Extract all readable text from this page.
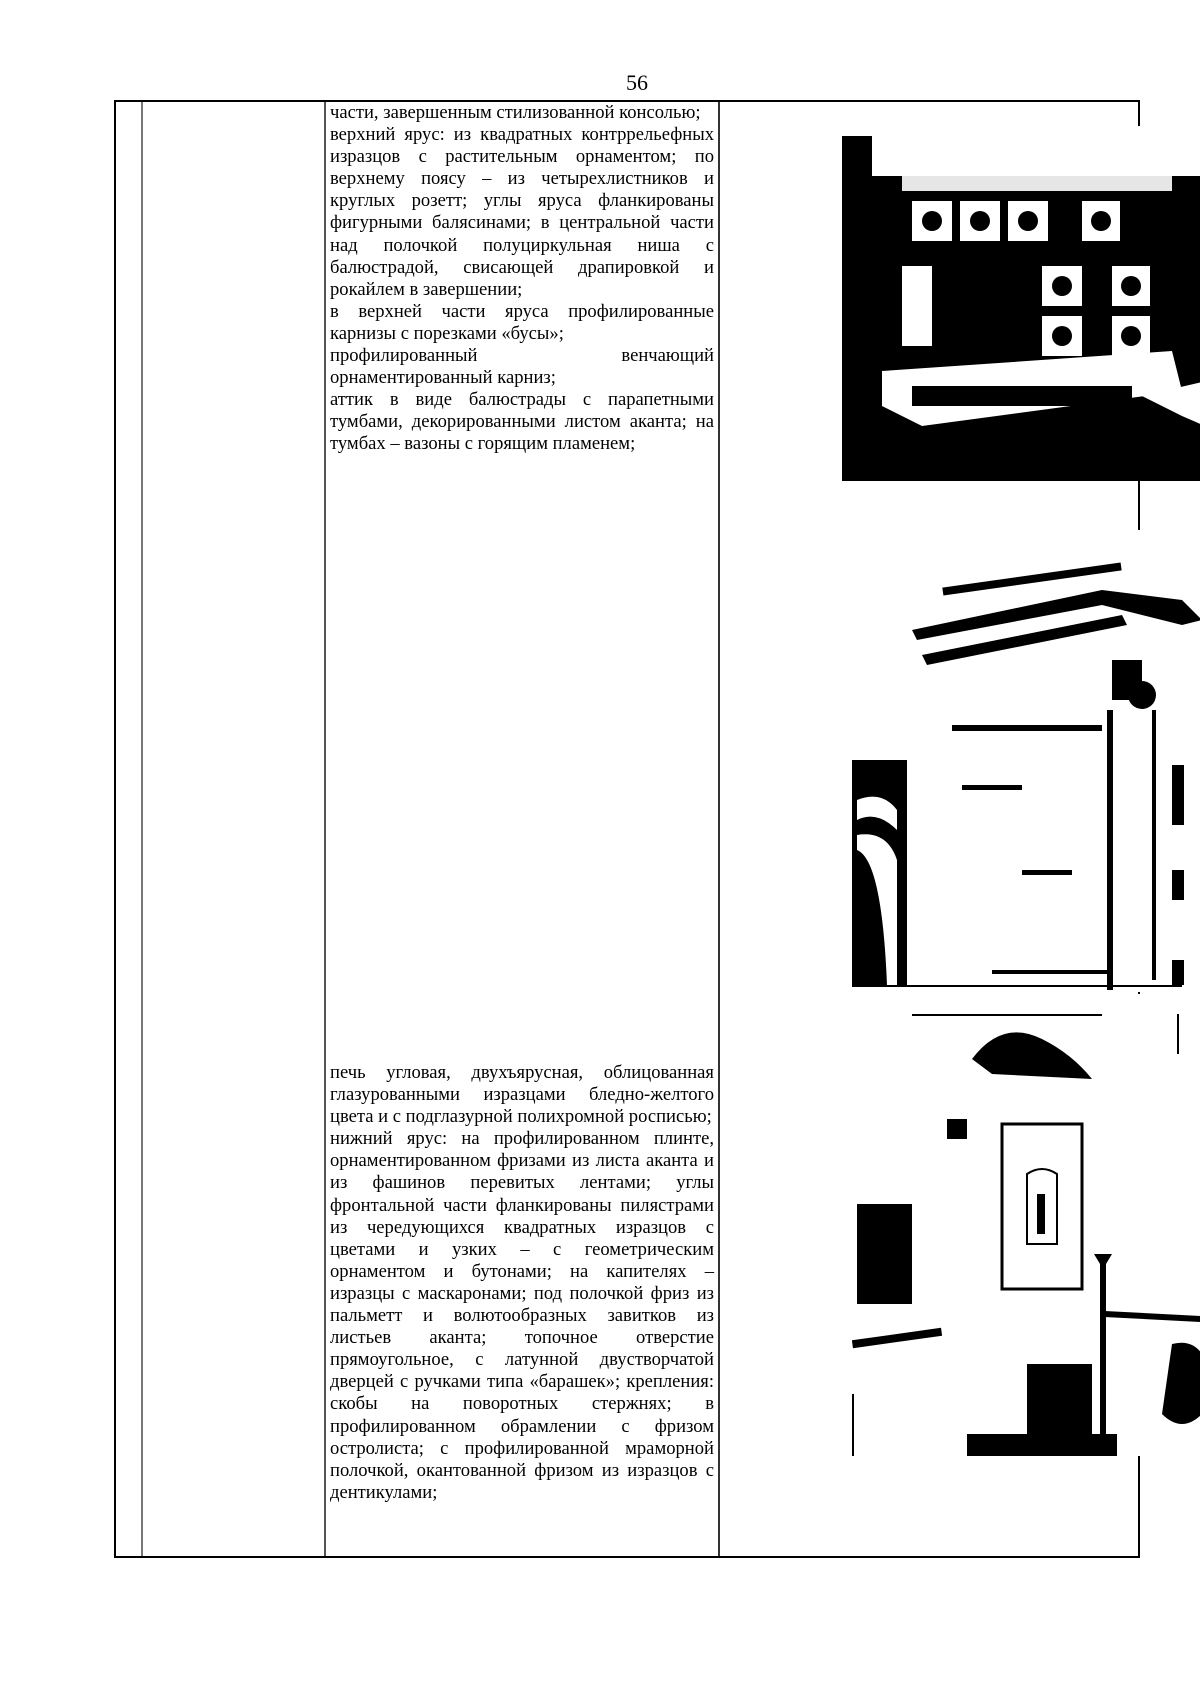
56

части, завершенным стилизованной консолью;

верхний ярус: из квадратных контррельефных изразцов с растительным орнаментом; по верхнему поясу – из четырехлистников и круглых розетт; углы яруса фланкированы фигурными балясинами; в центральной части над полочкой полуциркульная ниша с балюстрадой, свисающей драпировкой и рокайлем в завершении;

в верхней части яруса профилированные карнизы с порезками «бусы»;

профилированный венчающий орнаментированный карниз;

аттик в виде балюстрады с парапетными тумбами, декорированными листом аканта; на тумбах – вазоны с горящим пламенем;

печь угловая, двухъярусная, облицованная глазурованными изразцами бледно-желтого цвета и с подглазурной полихромной росписью;

нижний ярус: на профилированном плинте, орнаментированном фризами из листа аканта и из фашинов перевитых лентами; углы фронтальной части фланкированы пилястрами из чередующихся квадратных изразцов с цветами и узких – с геометрическим орнаментом и бутонами; на капителях – изразцы с маскаронами; под полочкой фриз из пальметт и волютообразных завитков из листьев аканта; топочное отверстие прямоугольное, с латунной двустворчатой дверцей с ручками типа «барашек»; крепления: скобы на поворотных стержнях; в профилированном обрамлении с фризом остролиста; с профилированной мраморной полочкой, окантованной фризом из изразцов с дентикулами;
